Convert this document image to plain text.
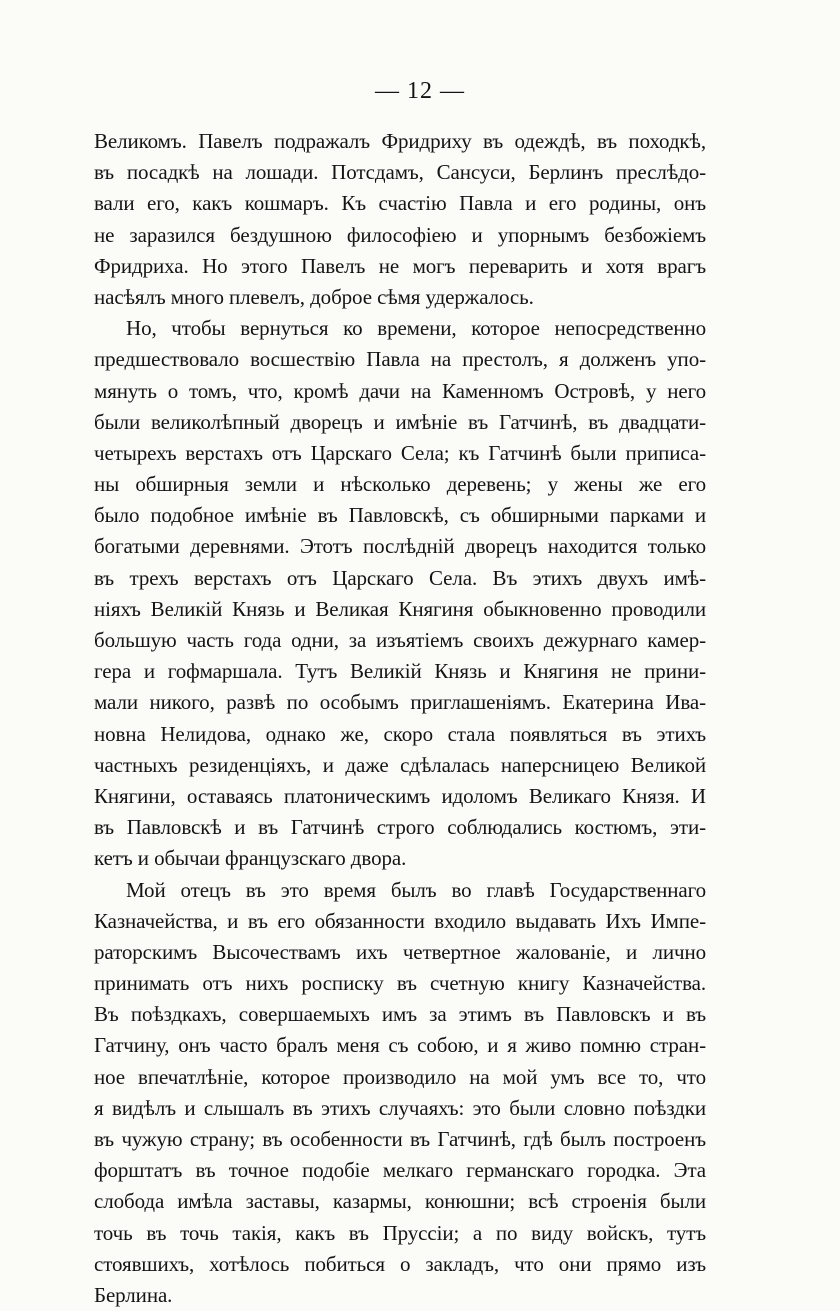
— 12 —
Великомъ. Павелъ подражалъ Фридриху въ одеждѣ, въ походкѣ,
въ посадкѣ на лошади. Потсдамъ, Сансуси, Берлинъ преслѣдо-
вали его, какъ кошмаръ. Къ счастію Павла и его родины, онъ
не заразился бездушною философіею и упорнымъ безбожіемъ
Фридриха. Но этого Павелъ не могъ переварить и хотя врагъ
насѣялъ много плевелъ, доброе сѣмя удержалось.
Но, чтобы вернуться ко времени, которое непосредственно
предшествовало восшествію Павла на престолъ, я долженъ упо-
мянуть о томъ, что, кромѣ дачи на Каменномъ Островѣ, у него
были великолѣпный дворецъ и имѣніе въ Гатчинѣ, въ двадцати-
четырехъ верстахъ отъ Царскаго Села; къ Гатчинѣ были приписа-
ны обширныя земли и нѣсколько деревень; у жены же его
было подобное имѣніе въ Павловскѣ, съ обширными парками и
богатыми деревнями. Этотъ послѣдній дворецъ находится только
въ трехъ верстахъ отъ Царскаго Села. Въ этихъ двухъ имѣ-
ніяхъ Великій Князь и Великая Княгиня обыкновенно проводили
большую часть года одни, за изъятіемъ своихъ дежурнаго камер-
гера и гофмаршала. Тутъ Великій Князь и Княгиня не прини-
мали никого, развѣ по особымъ приглашеніямъ. Екатерина Ива-
новна Нелидова, однако же, скоро стала появляться въ этихъ
частныхъ резиденціяхъ, и даже сдѣлалась наперсницею Великой
Княгини, оставаясь платоническимъ идоломъ Великаго Князя. И
въ Павловскѣ и въ Гатчинѣ строго соблюдались костюмъ, эти-
кетъ и обычаи французскаго двора.
Мой отецъ въ это время былъ во главѣ Государственнаго
Казначейства, и въ его обязанности входило выдавать Ихъ Импе-
раторскимъ Высочествамъ ихъ четвертное жалованіе, и лично
принимать отъ нихъ росписку въ счетную книгу Казначейства.
Въ поѣздкахъ, совершаемыхъ имъ за этимъ въ Павловскъ и въ
Гатчину, онъ часто бралъ меня съ собою, и я живо помню стран-
ное впечатлѣніе, которое производило на мой умъ все то, что
я видѣлъ и слышалъ въ этихъ случаяхъ: это были словно поѣздки
въ чужую страну; въ особенности въ Гатчинѣ, гдѣ былъ построенъ
форштатъ въ точное подобіе мелкаго германскаго городка. Эта
слобода имѣла заставы, казармы, конюшни; всѣ строенія были
точь въ точь такія, какъ въ Пруссіи; а по виду войскъ, тутъ
стоявшихъ, хотѣлось побиться о закладъ, что они прямо изъ
Берлина.
